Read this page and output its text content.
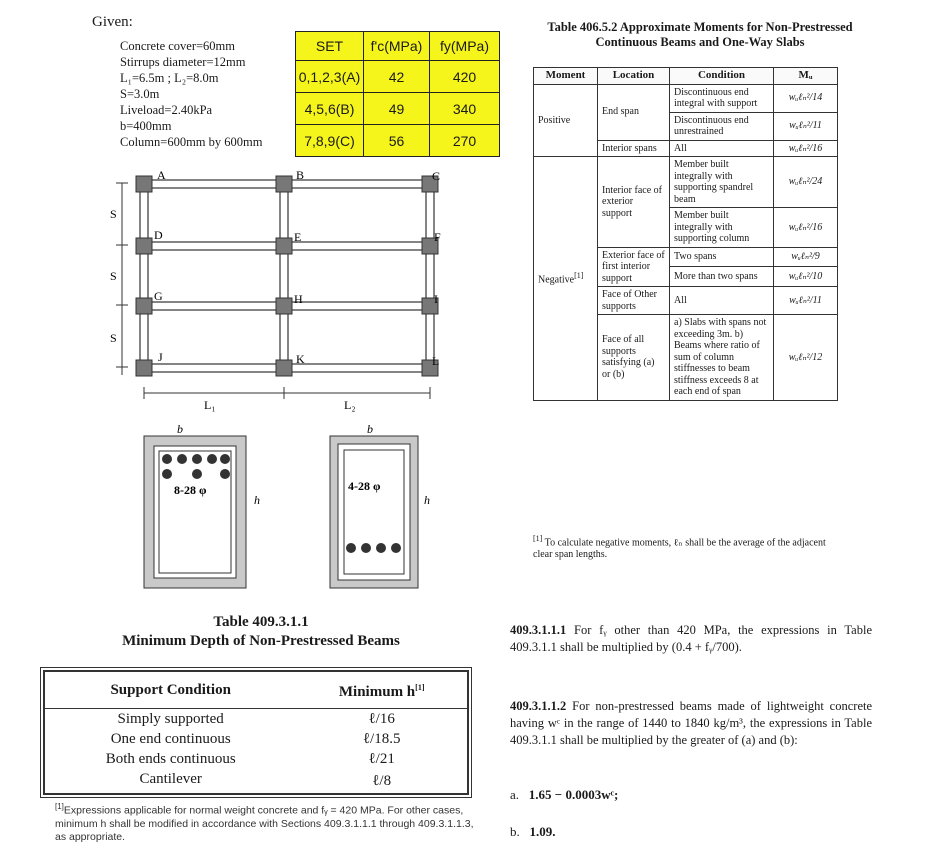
Given:
Concrete cover=60mm
Stirrups diameter=12mm
L₁=6.5m ; L₂=8.0m
S=3.0m
Liveload=2.40kPa
b=400mm
Column=600mm by 600mm
SET	f'c(MPa)	fy(MPa)
0,1,2,3(A)	42	420
4,5,6(B)	49	340
7,8,9(C)	56	270
S
S
S
A	B	C
D	E	F
G	H	I
J	K	L
L₁	L₂
b
8-28 φ
h
b
4-28 φ
h
Table 406.5.2 Approximate Moments for Non-Prestressed Continuous Beams and One-Way Slabs
Moment	Location	Condition	Mᵤ
Positive	End span	Discontinuous end integral with support	wᵤℓₙ²/14
		Discontinuous end unrestrained	wᵤℓₙ²/11
	Interior spans	All	wᵤℓₙ²/16
Negative[1]	Interior face of exterior support	Member built integrally with supporting spandrel beam	wᵤℓₙ²/24
		Member built integrally with supporting column	wᵤℓₙ²/16
	Exterior face of first interior support	Two spans	wᵤℓₙ²/9
		More than two spans	wᵤℓₙ²/10
	Face of Other supports	All	wᵤℓₙ²/11
	Face of all supports satisfying (a) or (b)	a) Slabs with spans not exceeding 3m. b) Beams where ratio of sum of column stiffnesses to beam stiffness exceeds 8 at each end of span	wᵤℓₙ²/12
[1] To calculate negative moments, ℓₙ shall be the average of the adjacent clear span lengths.
Table 409.3.1.1
Minimum Depth of Non-Prestressed Beams
Support Condition	Minimum h[1]
Simply supported	ℓ/16
One end continuous	ℓ/18.5
Both ends continuous	ℓ/21
Cantilever	ℓ/8
[1]Expressions applicable for normal weight concrete and fᵧ = 420 MPa. For other cases, minimum h shall be modified in accordance with Sections 409.3.1.1.1 through 409.3.1.1.3, as appropriate.
409.3.1.1.1 For fᵧ other than 420 MPa, the expressions in Table 409.3.1.1 shall be multiplied by (0.4 + fᵧ/700).
409.3.1.1.2 For non-prestressed beams made of lightweight concrete having wᶜ in the range of 1440 to 1840 kg/m³, the expressions in Table 409.3.1.1 shall be multiplied by the greater of (a) and (b):
a. 1.65 − 0.0003wᶜ;
b. 1.09.
